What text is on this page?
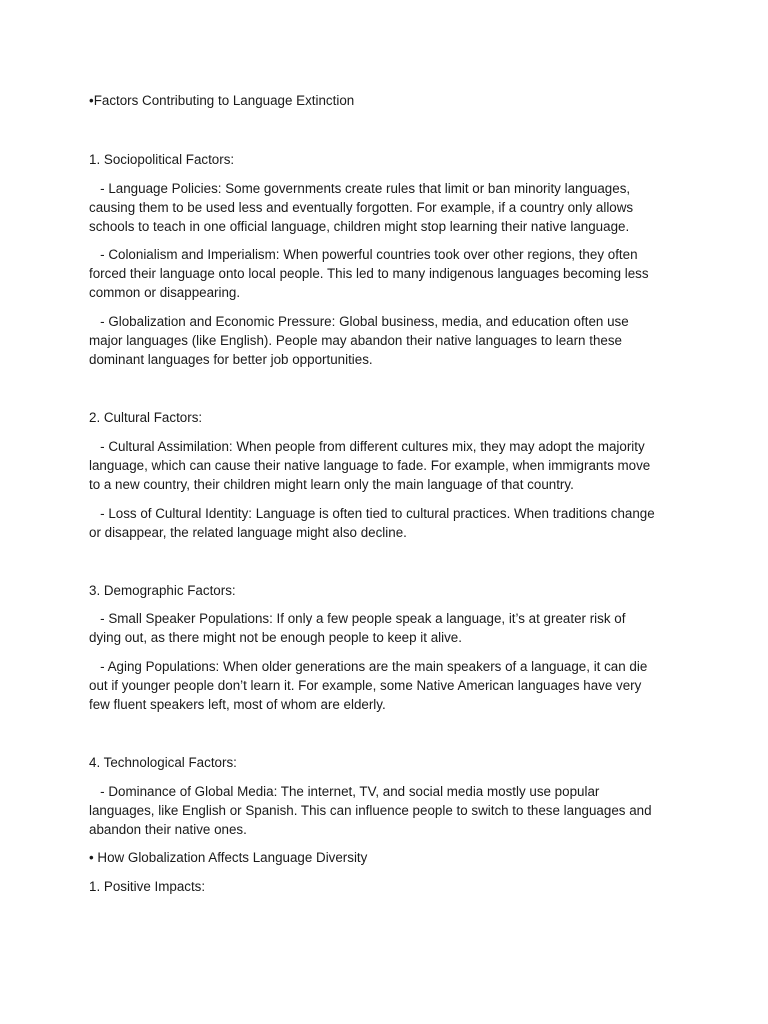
•Factors Contributing to Language Extinction
1. Sociopolitical Factors:
- Language Policies: Some governments create rules that limit or ban minority languages,
causing them to be used less and eventually forgotten. For example, if a country only allows
schools to teach in one official language, children might stop learning their native language.
- Colonialism and Imperialism: When powerful countries took over other regions, they often
forced their language onto local people. This led to many indigenous languages becoming less
common or disappearing.
- Globalization and Economic Pressure: Global business, media, and education often use
major languages (like English). People may abandon their native languages to learn these
dominant languages for better job opportunities.
2. Cultural Factors:
- Cultural Assimilation: When people from different cultures mix, they may adopt the majority
language, which can cause their native language to fade. For example, when immigrants move
to a new country, their children might learn only the main language of that country.
- Loss of Cultural Identity: Language is often tied to cultural practices. When traditions change
or disappear, the related language might also decline.
3. Demographic Factors:
- Small Speaker Populations: If only a few people speak a language, it’s at greater risk of
dying out, as there might not be enough people to keep it alive.
- Aging Populations: When older generations are the main speakers of a language, it can die
out if younger people don’t learn it. For example, some Native American languages have very
few fluent speakers left, most of whom are elderly.
4. Technological Factors:
- Dominance of Global Media: The internet, TV, and social media mostly use popular
languages, like English or Spanish. This can influence people to switch to these languages and
abandon their native ones.
• How Globalization Affects Language Diversity
1. Positive Impacts:
